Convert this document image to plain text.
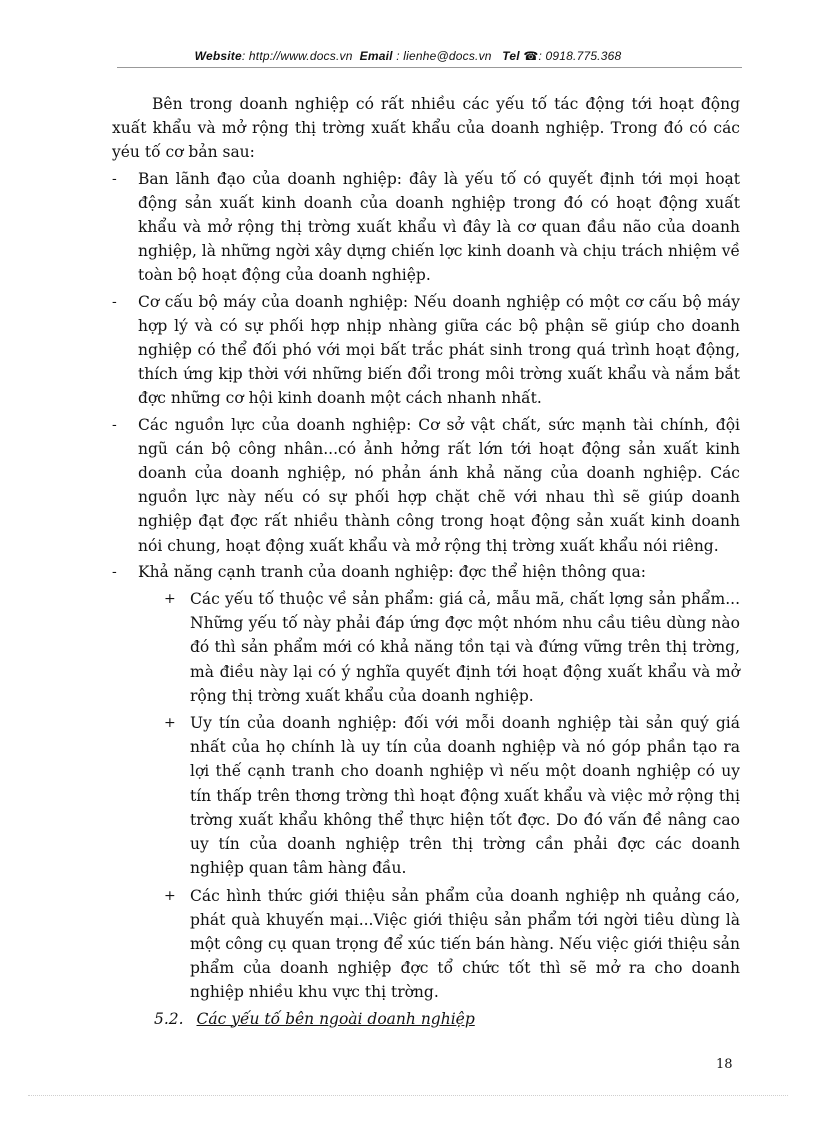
Website: http://www.docs.vn Email : lienhe@docs.vn Tel ☎: 0918.775.368

Bên trong doanh nghiệp có rất nhiều các yếu tố tác động tới hoạt động xuất khẩu và mở rộng thị trờng xuất khẩu của doanh nghiệp. Trong đó có các yéu tố cơ bản sau:

- Ban lãnh đạo của doanh nghiệp: đây là yếu tố có quyết định tới mọi hoạt động sản xuất kinh doanh của doanh nghiệp trong đó có hoạt động xuất khẩu và mở rộng thị trờng xuất khẩu vì đây là cơ quan đầu não của doanh nghiệp, là những ngời xây dựng chiến lợc kinh doanh và chịu trách nhiệm về toàn bộ hoạt động của doanh nghiệp.

- Cơ cấu bộ máy của doanh nghiệp: Nếu doanh nghiệp có một cơ cấu bộ máy hợp lý và có sự phối hợp nhịp nhàng giữa các bộ phận sẽ giúp cho doanh nghiệp có thể đối phó với mọi bất trắc phát sinh trong quá trình hoạt động, thích ứng kịp thời với những biến đổi trong môi trờng xuất khẩu và nắm bắt đợc những cơ hội kinh doanh một cách nhanh nhất.

- Các nguồn lực của doanh nghiệp: Cơ sở vật chất, sức mạnh tài chính, đội ngũ cán bộ công nhân...có ảnh hởng rất lớn tới hoạt động sản xuất kinh doanh của doanh nghiệp, nó phản ánh khả năng của doanh nghiệp. Các nguồn lực này nếu có sự phối hợp chặt chẽ với nhau thì sẽ giúp doanh nghiệp đạt đợc rất nhiều thành công trong hoạt động sản xuất kinh doanh nói chung, hoạt động xuất khẩu và mở rộng thị trờng xuất khẩu nói riêng.

- Khả năng cạnh tranh của doanh nghiệp: đợc thể hiện thông qua:

+ Các yếu tố thuộc về sản phẩm: giá cả, mẫu mã, chất lợng sản phẩm... Những yếu tố này phải đáp ứng đợc một nhóm nhu cầu tiêu dùng nào đó thì sản phẩm mới có khả năng tồn tại và đứng vững trên thị trờng, mà điều này lại có ý nghĩa quyết định tới hoạt động xuất khẩu và mở rộng thị trờng xuất khẩu của doanh nghiệp.

+ Uy tín của doanh nghiệp: đối với mỗi doanh nghiệp tài sản quý giá nhất của họ chính là uy tín của doanh nghiệp và nó góp phần tạo ra lợi thế cạnh tranh cho doanh nghiệp vì nếu một doanh nghiệp có uy tín thấp trên thơng trờng thì hoạt động xuất khẩu và việc mở rộng thị trờng xuất khẩu không thể thực hiện tốt đợc. Do đó vấn đề nâng cao uy tín của doanh nghiệp trên thị trờng cần phải đợc các doanh nghiệp quan tâm hàng đầu.

+ Các hình thức giới thiệu sản phẩm của doanh nghiệp nh quảng cáo, phát quà khuyến mại...Việc giới thiệu sản phẩm tới ngời tiêu dùng là một công cụ quan trọng để xúc tiến bán hàng. Nếu việc giới thiệu sản phẩm của doanh nghiệp đợc tổ chức tốt thì sẽ mở ra cho doanh nghiệp nhiều khu vực thị trờng.

5.2. Các yếu tố bên ngoài doanh nghiệp

18
